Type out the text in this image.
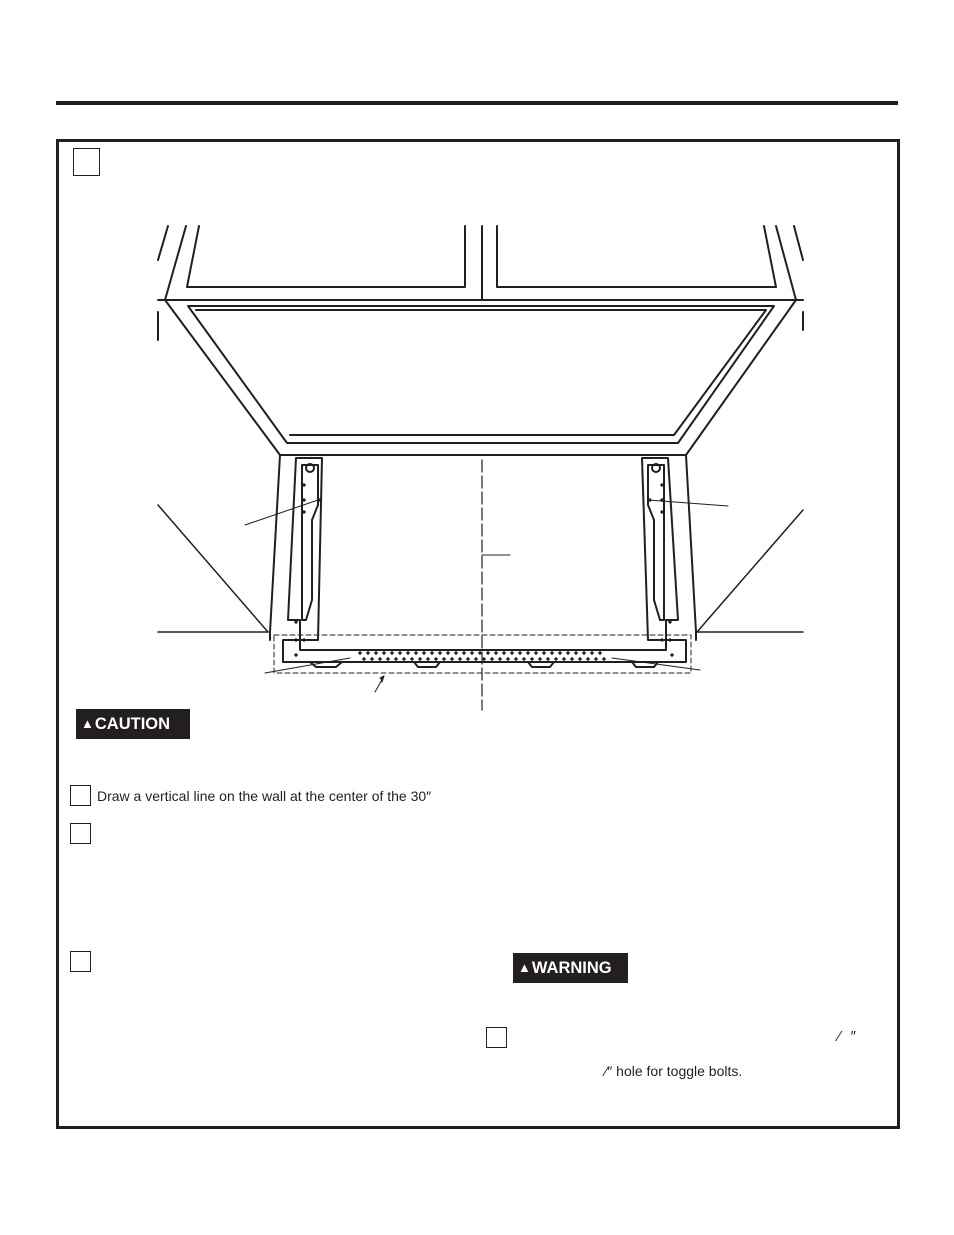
▲CAUTION
Draw a vertical line on the wall at the center of the 30″
▲WARNING
⁄ ″
⁄″ hole for toggle bolts.
